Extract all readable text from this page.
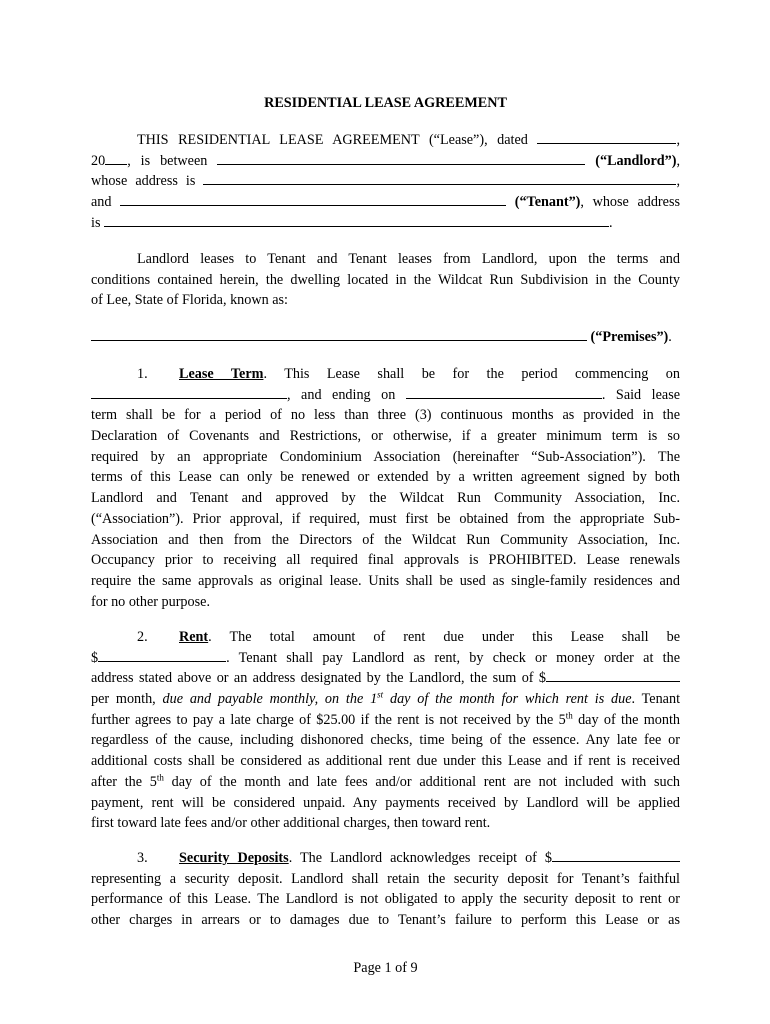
RESIDENTIAL LEASE AGREEMENT
THIS RESIDENTIAL LEASE AGREEMENT (“Lease”), dated	,
20 , is between	(“Landlord”),
whose address is	,
and	(“Tenant”), whose address
is	.
Landlord leases to Tenant and Tenant leases from Landlord, upon the terms and
conditions contained herein, the dwelling located in the Wildcat Run Subdivision in the County
of Lee, State of Florida, known as:
(“Premises”).
1. Lease Term. This Lease shall be for the period commencing on
, and ending on	. Said lease
term shall be for a period of no less than three (3) continuous months as provided in the
Declaration of Covenants and Restrictions, or otherwise, if a greater minimum term is so
required by an appropriate Condominium Association (hereinafter “Sub-Association”). The
terms of this Lease can only be renewed or extended by a written agreement signed by both
Landlord and Tenant and approved by the Wildcat Run Community Association, Inc.
(“Association”). Prior approval, if required, must first be obtained from the appropriate Sub-
Association and then from the Directors of the Wildcat Run Community Association, Inc.
Occupancy prior to receiving all required final approvals is PROHIBITED. Lease renewals
require the same approvals as original lease. Units shall be used as single-family residences and
for no other purpose.
2. Rent. The total amount of rent due under this Lease shall be
$	. Tenant shall pay Landlord as rent, by check or money order at the
address stated above or an address designated by the Landlord, the sum of $
per month, due and payable monthly, on the 1st day of the month for which rent is due. Tenant
further agrees to pay a late charge of $25.00 if the rent is not received by the 5th day of the month
regardless of the cause, including dishonored checks, time being of the essence. Any late fee or
additional costs shall be considered as additional rent due under this Lease and if rent is received
after the 5th day of the month and late fees and/or additional rent are not included with such
payment, rent will be considered unpaid. Any payments received by Landlord will be applied
first toward late fees and/or other additional charges, then toward rent.
3. Security Deposits. The Landlord acknowledges receipt of $
representing a security deposit. Landlord shall retain the security deposit for Tenant’s faithful
performance of this Lease. The Landlord is not obligated to apply the security deposit to rent or
other charges in arrears or to damages due to Tenant’s failure to perform this Lease or as
Page 1 of 9
